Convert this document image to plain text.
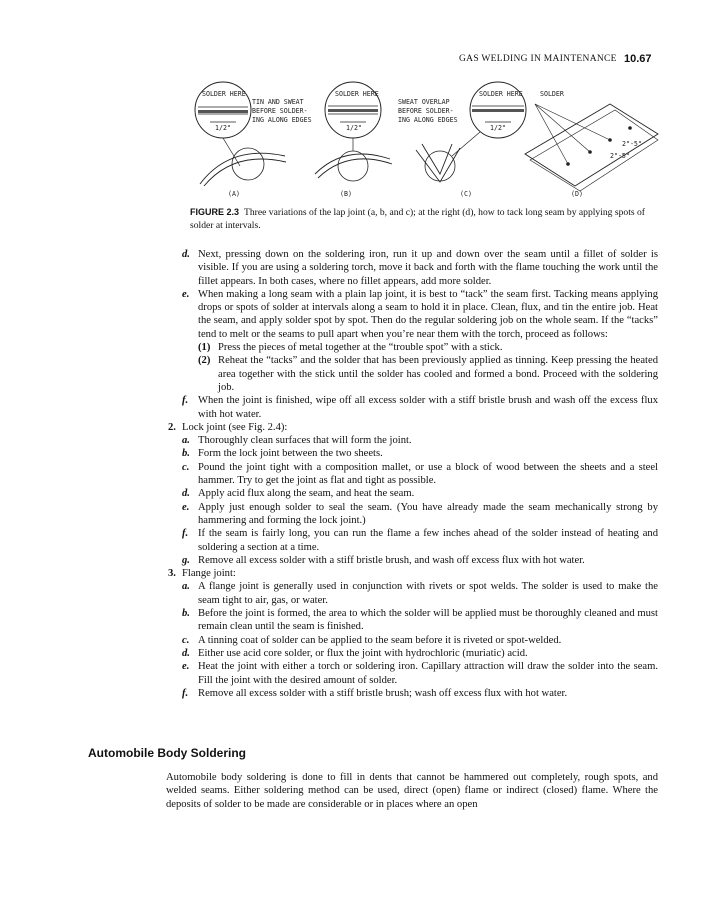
GAS WELDING IN MAINTENANCE 10.67
SOLDER HERE
1/2"
TIN AND SWEAT
BEFORE SOLDER-
ING ALONG EDGES
(A)
SOLDER HERE
1/2"
(B)
SWEAT OVERLAP
BEFORE SOLDER-
ING ALONG EDGES
SOLDER HERE
1/2"
(C)
SOLDER
2"-5"
2"-5"
(D)
FIGURE 2.3 Three variations of the lap joint (a, b, and c); at the right (d), how to tack long seam by applying spots of solder at intervals.
d. Next, pressing down on the soldering iron, run it up and down over the seam until a fillet of solder is visible. If you are using a soldering torch, move it back and forth with the flame touching the work until the fillet appears. In both cases, where no fillet appears, add more solder.
e. When making a long seam with a plain lap joint, it is best to “tack” the seam first. Tacking means applying drops or spots of solder at intervals along a seam to hold it in place. Clean, flux, and tin the entire job. Heat the seam, and apply solder spot by spot. Then do the regular soldering job on the whole seam. If the “tacks” tend to melt or the seams to pull apart when you’re near them with the torch, proceed as follows:
(1) Press the pieces of metal together at the “trouble spot” with a stick.
(2) Reheat the “tacks” and the solder that has been previously applied as tinning. Keep pressing the heated area together with the stick until the solder has cooled and formed a bond. Proceed with the soldering job.
f. When the joint is finished, wipe off all excess solder with a stiff bristle brush and wash off the excess flux with hot water.
2. Lock joint (see Fig. 2.4):
a. Thoroughly clean surfaces that will form the joint.
b. Form the lock joint between the two sheets.
c. Pound the joint tight with a composition mallet, or use a block of wood between the sheets and a steel hammer. Try to get the joint as flat and tight as possible.
d. Apply acid flux along the seam, and heat the seam.
e. Apply just enough solder to seal the seam. (You have already made the seam mechanically strong by hammering and forming the lock joint.)
f. If the seam is fairly long, you can run the flame a few inches ahead of the solder instead of heating and soldering a section at a time.
g. Remove all excess solder with a stiff bristle brush, and wash off excess flux with hot water.
3. Flange joint:
a. A flange joint is generally used in conjunction with rivets or spot welds. The solder is used to make the seam tight to air, gas, or water.
b. Before the joint is formed, the area to which the solder will be applied must be thoroughly cleaned and must remain clean until the seam is finished.
c. A tinning coat of solder can be applied to the seam before it is riveted or spot-welded.
d. Either use acid core solder, or flux the joint with hydrochloric (muriatic) acid.
e. Heat the joint with either a torch or soldering iron. Capillary attraction will draw the solder into the seam. Fill the joint with the desired amount of solder.
f. Remove all excess solder with a stiff bristle brush; wash off excess flux with hot water.
Automobile Body Soldering
Automobile body soldering is done to fill in dents that cannot be hammered out completely, rough spots, and welded seams. Either soldering method can be used, direct (open) flame or indirect (closed) flame. Where the deposits of solder to be made are considerable or in places where an open
